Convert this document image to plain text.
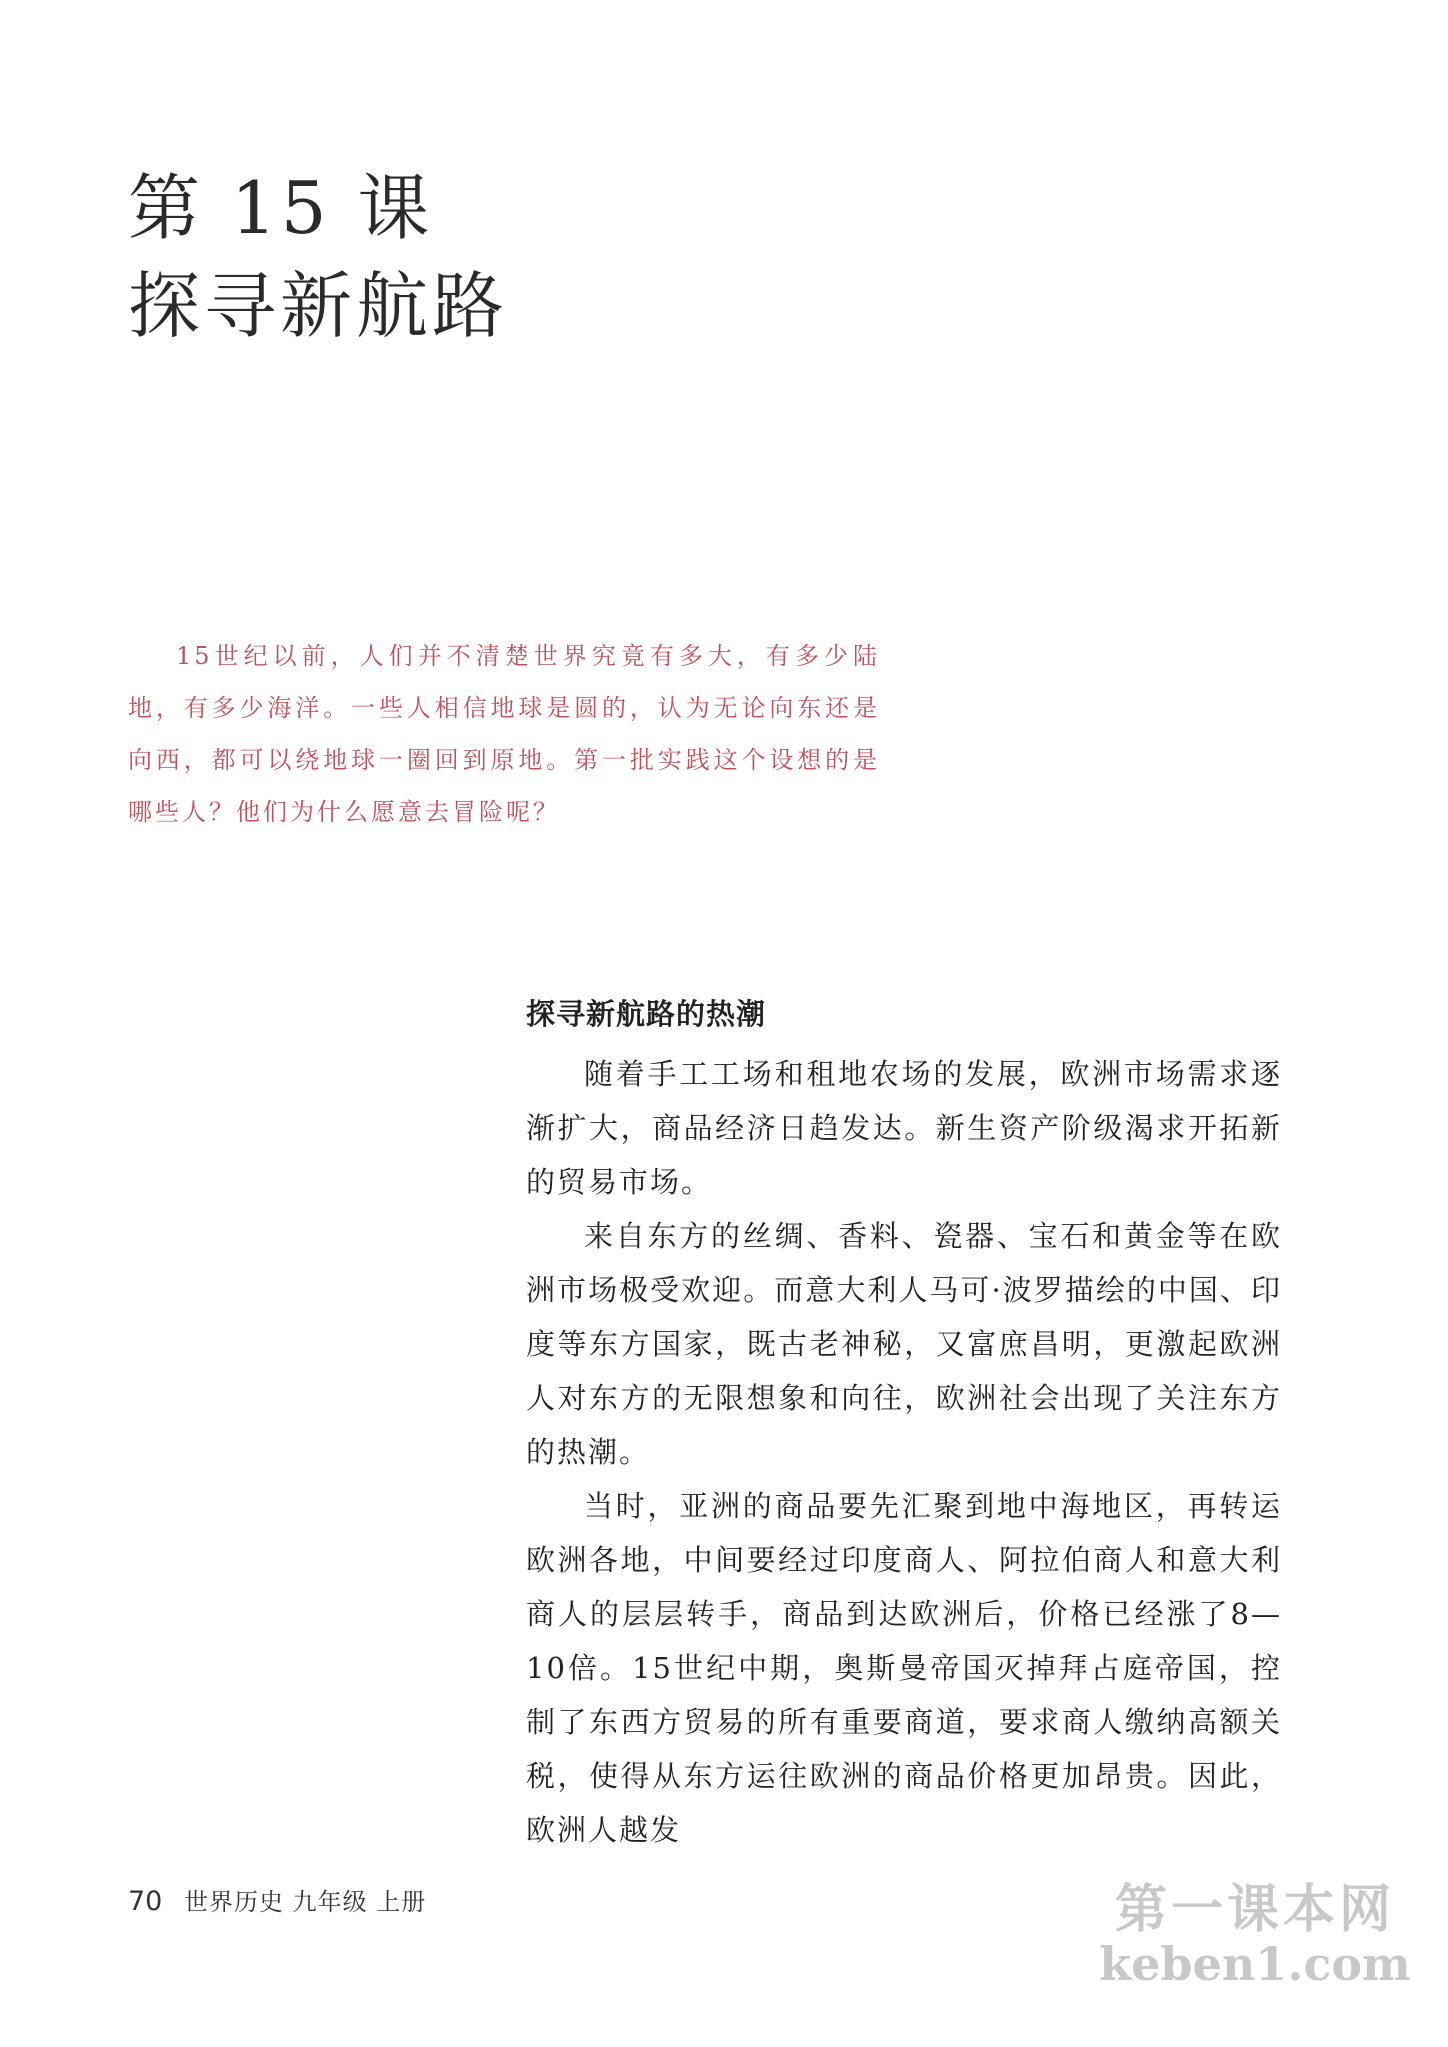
第 15 课
探寻新航路

15世纪以前，人们并不清楚世界究竟有多大，有多少陆地，有多少海洋。一些人相信地球是圆的，认为无论向东还是向西，都可以绕地球一圈回到原地。第一批实践这个设想的是哪些人？他们为什么愿意去冒险呢？

探寻新航路的热潮

随着手工工场和租地农场的发展，欧洲市场需求逐渐扩大，商品经济日趋发达。新生资产阶级渴求开拓新的贸易市场。

来自东方的丝绸、香料、瓷器、宝石和黄金等在欧洲市场极受欢迎。而意大利人马可·波罗描绘的中国、印度等东方国家，既古老神秘，又富庶昌明，更激起欧洲人对东方的无限想象和向往，欧洲社会出现了关注东方的热潮。

当时，亚洲的商品要先汇聚到地中海地区，再转运欧洲各地，中间要经过印度商人、阿拉伯商人和意大利商人的层层转手，商品到达欧洲后，价格已经涨了8—10倍。15世纪中期，奥斯曼帝国灭掉拜占庭帝国，控制了东西方贸易的所有重要商道，要求商人缴纳高额关税，使得从东方运往欧洲的商品价格更加昂贵。因此，欧洲人越发

70 世界历史 九年级 上册	第一课本网
keben1.com
